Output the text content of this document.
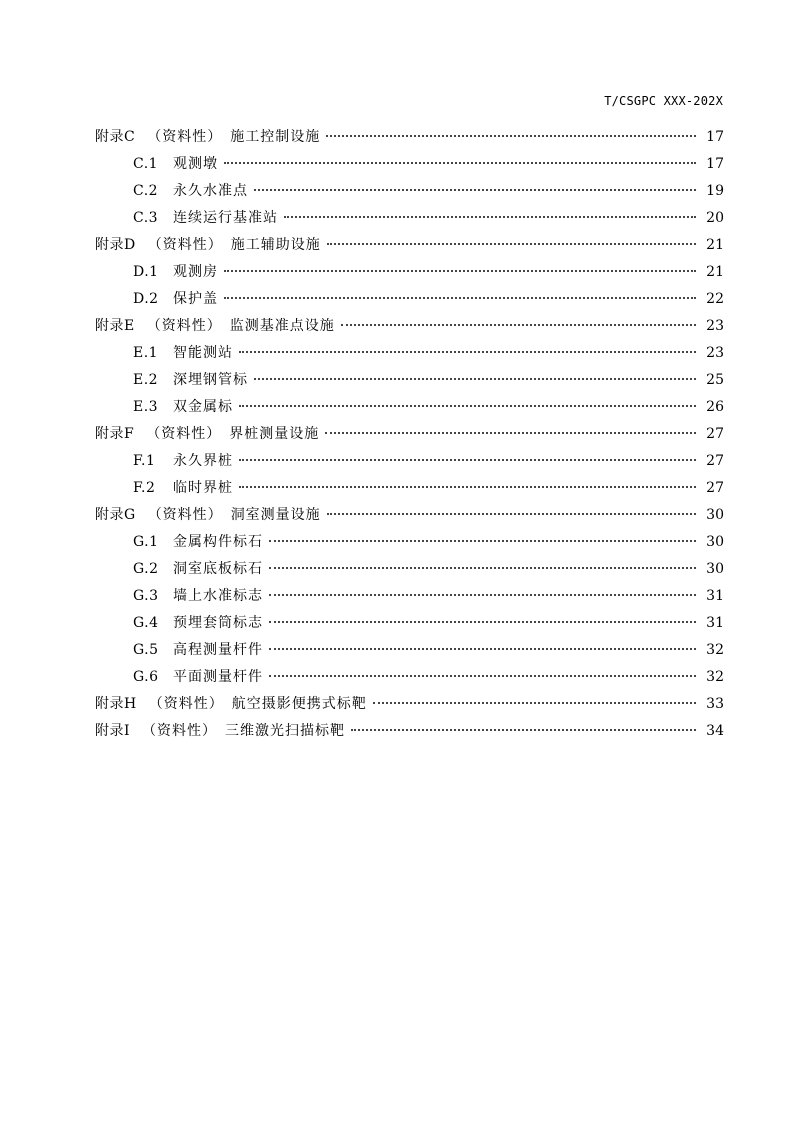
T/CSGPC XXX-202X
附录C （资料性） 施工控制设施	17
C.1	观测墩	17
C.2	永久水准点	19
C.3	连续运行基准站	20
附录D （资料性） 施工辅助设施	21
D.1	观测房	21
D.2	保护盖	22
附录E （资料性） 监测基准点设施	23
E.1	智能测站	23
E.2	深埋钢管标	25
E.3	双金属标	26
附录F （资料性） 界桩测量设施	27
F.1	永久界桩	27
F.2	临时界桩	27
附录G （资料性） 洞室测量设施	30
G.1	金属构件标石	30
G.2	洞室底板标石	30
G.3	墙上水准标志	31
G.4	预埋套筒标志	31
G.5	高程测量杆件	32
G.6	平面测量杆件	32
附录H （资料性） 航空摄影便携式标靶	33
附录I （资料性） 三维激光扫描标靶	34
